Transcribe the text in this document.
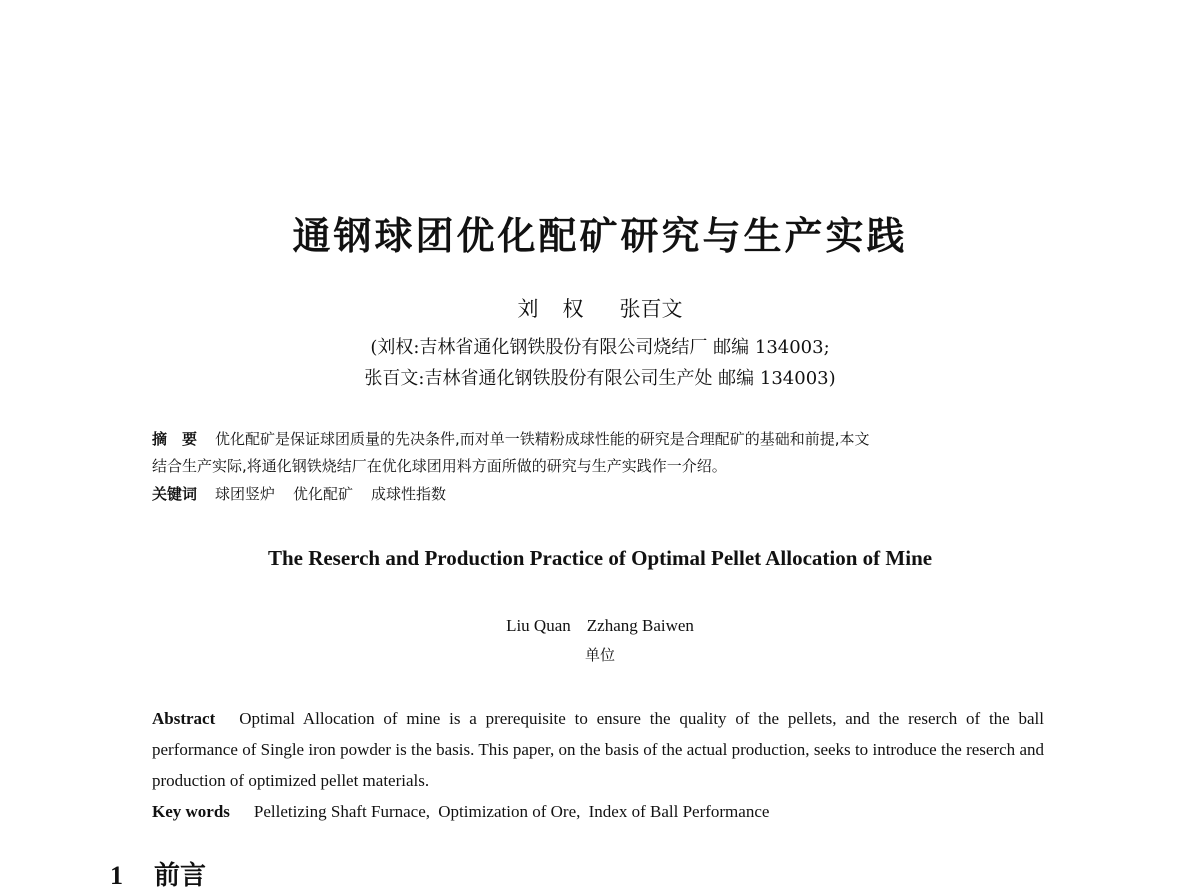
通钢球团优化配矿研究与生产实践

刘 权 张百文

(刘权:吉林省通化钢铁股份有限公司烧结厂 邮编 134003;

张百文:吉林省通化钢铁股份有限公司生产处 邮编 134003)

摘　要 优化配矿是保证球团质量的先决条件,而对单一铁精粉成球性能的研究是合理配矿的基础和前提,本文

结合生产实际,将通化钢铁烧结厂在优化球团用料方面所做的研究与生产实践作一介绍。

关键词 球团竖炉 优化配矿 成球性指数

The Reserch and Production Practice of Optimal Pellet Allocation of Mine

Liu Quan Zzhang Baiwen

单位

Abstract Optimal Allocation of mine is a prerequisite to ensure the quality of the pellets, and the reserch of the ball performance of Single iron powder is the basis. This paper, on the basis of the actual production, seeks to introduce the reserch and production of optimized pellet materials.

Key words Pelletizing Shaft Furnace, Optimization of Ore, Index of Ball Performance

1 前言
